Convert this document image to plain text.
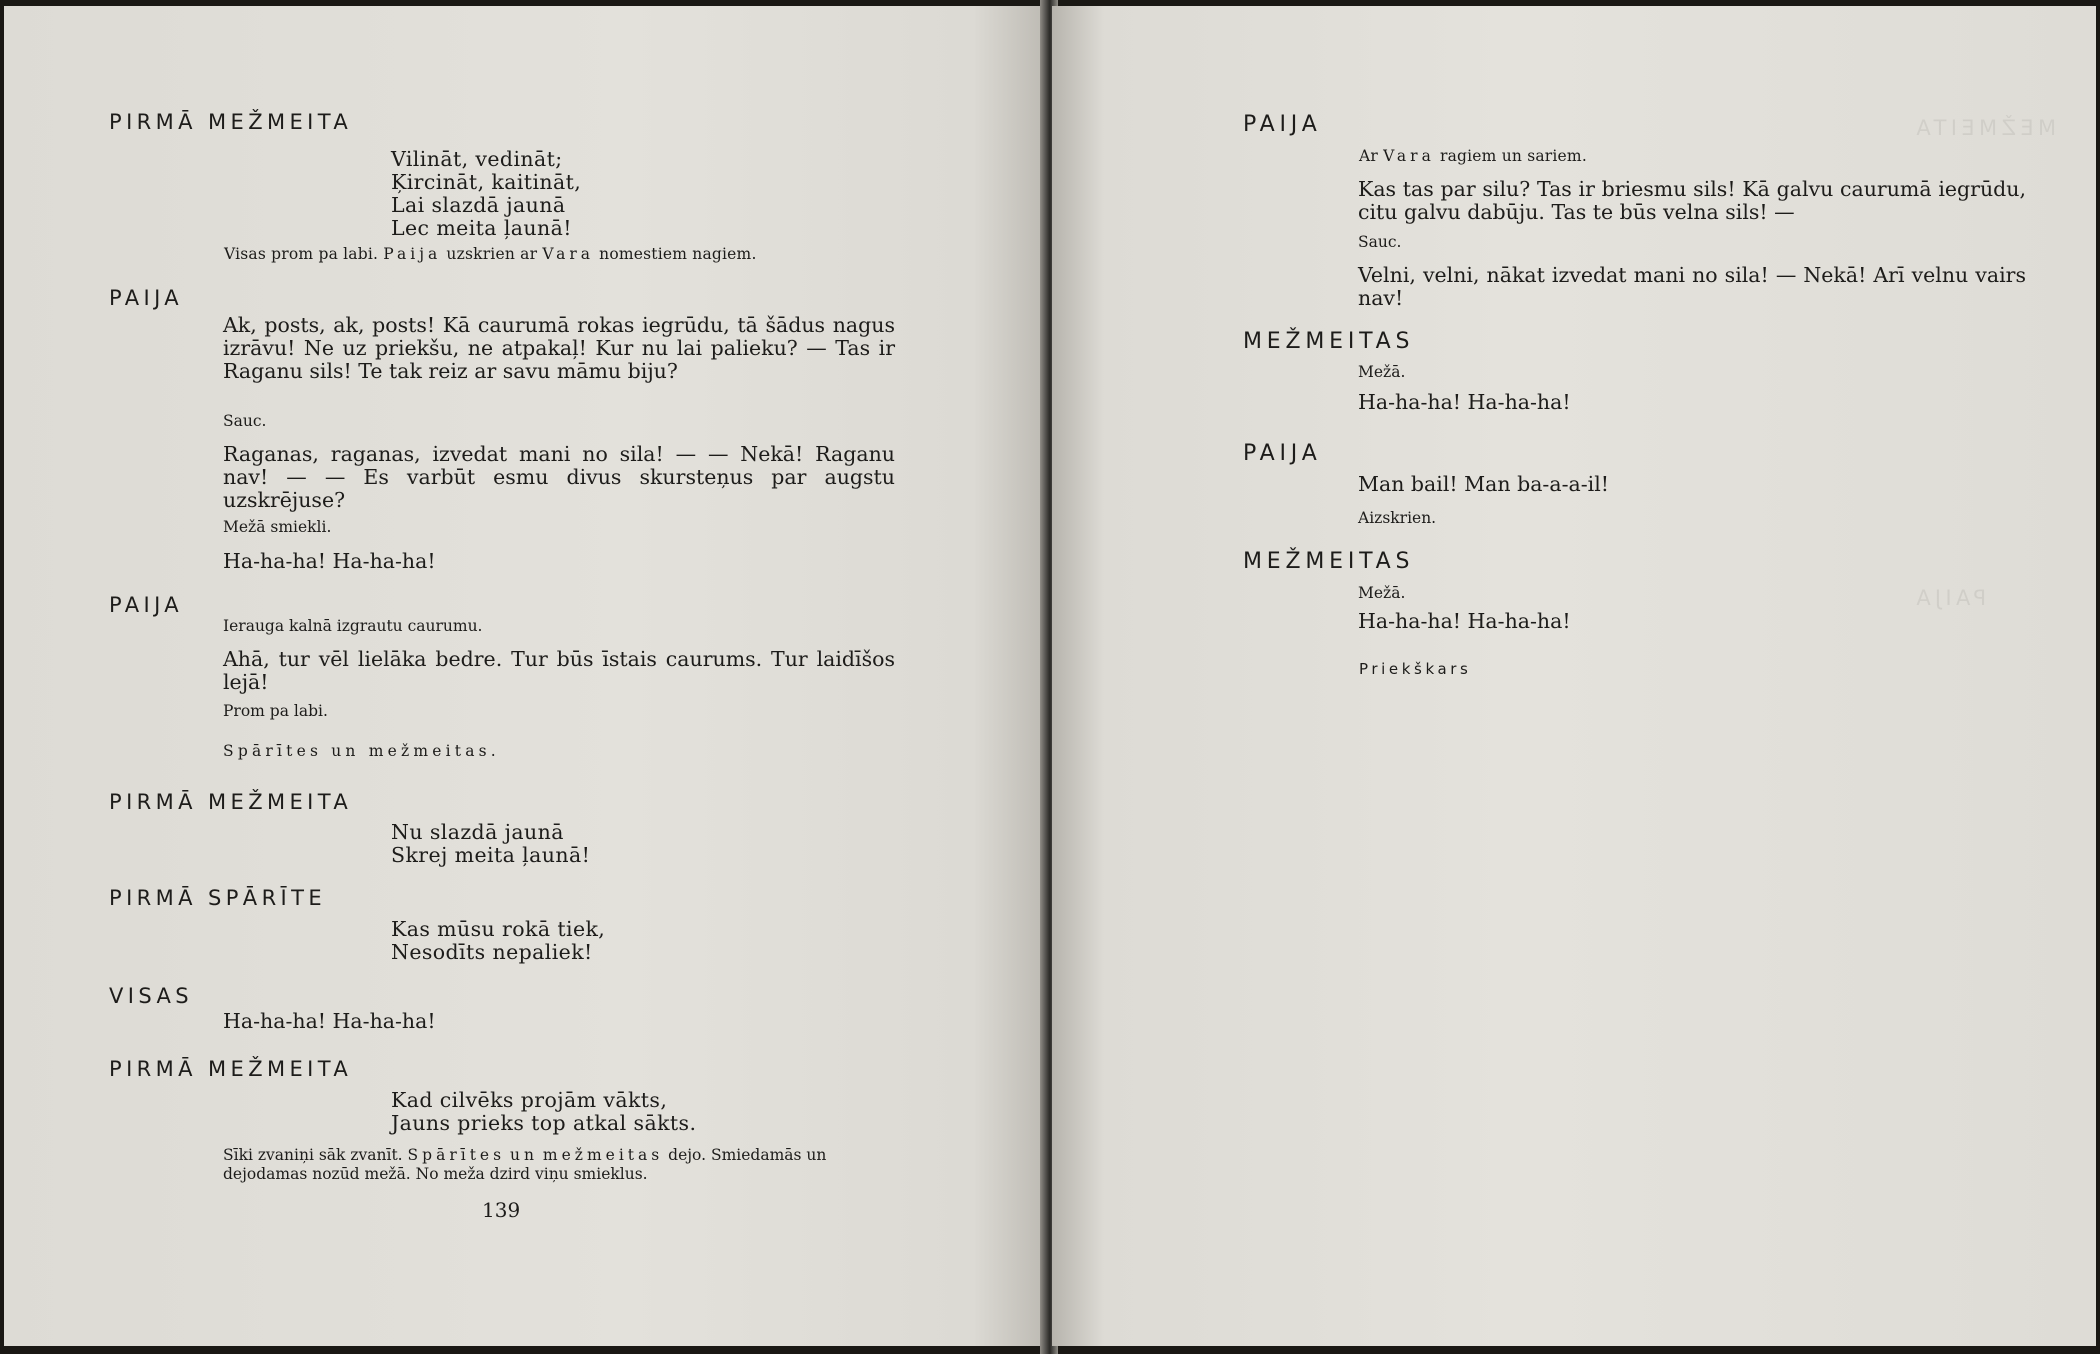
PIRMĀ MEŽMEITA
Vilināt, vedināt;
Ķircināt, kaitināt,
Lai slazdā jaunā
Lec meita ļaunā!
Visas prom pa labi. Paija uzskrien ar Vara nomestiem nagiem.
PAIJA
Ak, posts, ak, posts! Kā caurumā rokas iegrūdu, tā šādus nagus izrāvu! Ne uz priekšu, ne atpakaļ! Kur nu lai palieku? — Tas ir Raganu sils! Te tak reiz ar savu māmu biju?
Sauc.
Raganas, raganas, izvedat mani no sila! — — Nekā! Raganu nav! — — Es varbūt esmu divus skursteņus par augstu uzskrējuse?
Mežā smiekli.
Ha-ha-ha! Ha-ha-ha!
PAIJA
Ierauga kalnā izgrautu caurumu.
Ahā, tur vēl lielāka bedre. Tur būs īstais caurums. Tur laidīšos lejā!
Prom pa labi.
Spārītes un mežmeitas.
PIRMĀ MEŽMEITA
Nu slazdā jaunā
Skrej meita ļaunā!
PIRMĀ SPĀRĪTE
Kas mūsu rokā tiek,
Nesodīts nepaliek!
VISAS
Ha-ha-ha! Ha-ha-ha!
PIRMĀ MEŽMEITA
Kad cilvēks projām vākts,
Jauns prieks top atkal sākts.
Sīki zvaniņi sāk zvanīt. Spārītes un mežmeitas dejo. Smiedamās un dejodamas nozūd mežā. No meža dzird viņu smieklus.
139
MEŽMEITA
PAIJA
PAIJA
Ar Vara ragiem un sariem.
Kas tas par silu? Tas ir briesmu sils! Kā galvu caurumā iegrūdu, citu galvu dabūju. Tas te būs velna sils! —
Sauc.
Velni, velni, nākat izvedat mani no sila! — Nekā! Arī velnu vairs nav!
MEŽMEITAS
Mežā.
Ha-ha-ha! Ha-ha-ha!
PAIJA
Man bail! Man ba-a-a-il!
Aizskrien.
MEŽMEITAS
Mežā.
Ha-ha-ha! Ha-ha-ha!
Priekškars
